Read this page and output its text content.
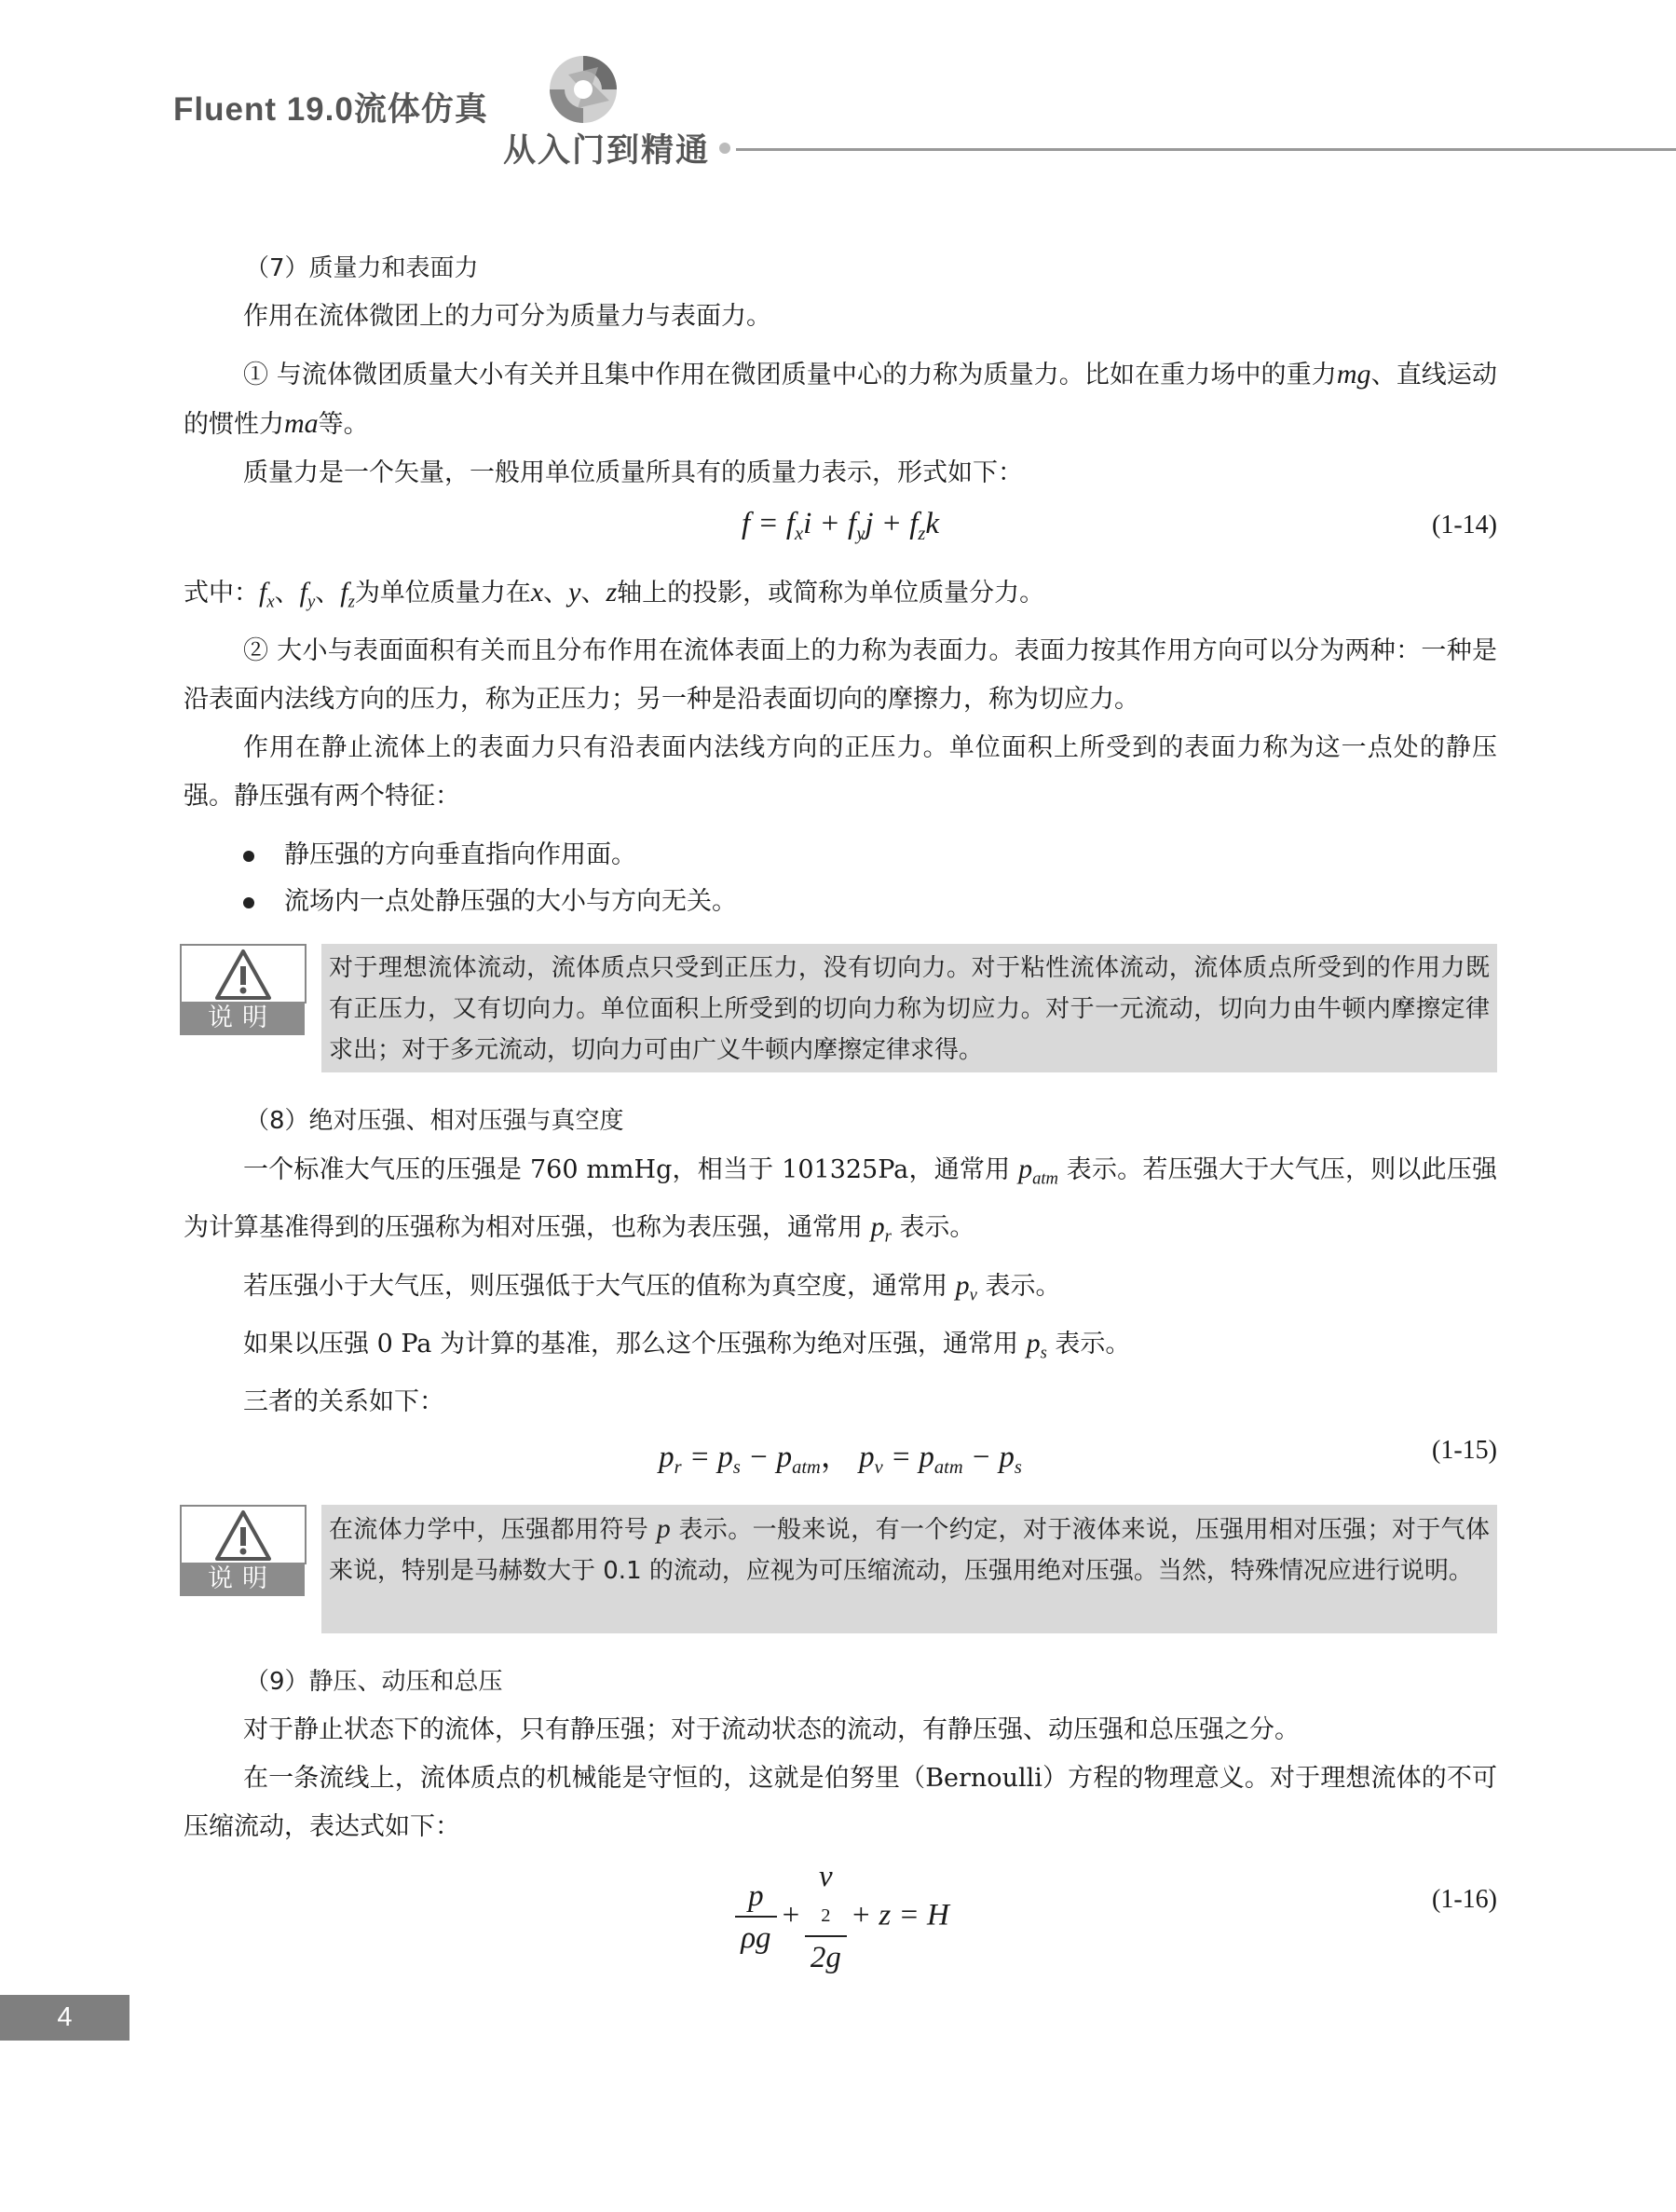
Fluent 19.0流体仿真
从入门到精通

（7）质量力和表面力

作用在流体微团上的力可分为质量力与表面力。

① 与流体微团质量大小有关并且集中作用在微团质量中心的力称为质量力。比如在重力场中的重力mg、直线运动的惯性力ma等。

质量力是一个矢量，一般用单位质量所具有的质量力表示，形式如下：

$f = f_xi + f_yj + f_zk$	(1-14)

式中：$f_x$、$f_y$、$f_z$为单位质量力在x、y、z轴上的投影，或简称为单位质量分力。

② 大小与表面面积有关而且分布作用在流体表面上的力称为表面力。表面力按其作用方向可以分为两种：一种是沿表面内法线方向的压力，称为正压力；另一种是沿表面切向的摩擦力，称为切应力。

作用在静止流体上的表面力只有沿表面内法线方向的正压力。单位面积上所受到的表面力称为这一点处的静压强。静压强有两个特征：

静压强的方向垂直指向作用面。
流场内一点处静压强的大小与方向无关。
说明

对于理想流体流动，流体质点只受到正压力，没有切向力。对于粘性流体流动，流体质点所受到的作用力既有正压力，又有切向力。单位面积上所受到的切向力称为切应力。对于一元流动，切向力由牛顿内摩擦定律求出；对于多元流动，切向力可由广义牛顿内摩擦定律求得。

（8）绝对压强、相对压强与真空度

一个标准大气压的压强是 760 mmHg，相当于 101325Pa，通常用 $p_{atm}$ 表示。若压强大于大气压，则以此压强为计算基准得到的压强称为相对压强，也称为表压强，通常用 $p_r$ 表示。

若压强小于大气压，则压强低于大气压的值称为真空度，通常用 $p_v$ 表示。

如果以压强 0 Pa 为计算的基准，那么这个压强称为绝对压强，通常用 $p_s$ 表示。

三者的关系如下：

$p_r = p_s - p_{atm}$， $p_v = p_{atm} - p_s$
(1-15)
说明

在流体力学中，压强都用符号 p 表示。一般来说，有一个约定，对于液体来说，压强用相对压强；对于气体来说，特别是马赫数大于 0.1 的流动，应视为可压缩流动，压强用绝对压强。当然，特殊情况应进行说明。

（9）静压、动压和总压

对于静止状态下的流体，只有静压强；对于流动状态的流动，有静压强、动压强和总压强之分。

在一条流线上，流体质点的机械能是守恒的，这就是伯努里（Bernoulli）方程的物理意义。对于理想流体的不可压缩流动，表达式如下：

$\frac{p}{\rho g} + v$
2
2g + z = H	(1-16)
4
